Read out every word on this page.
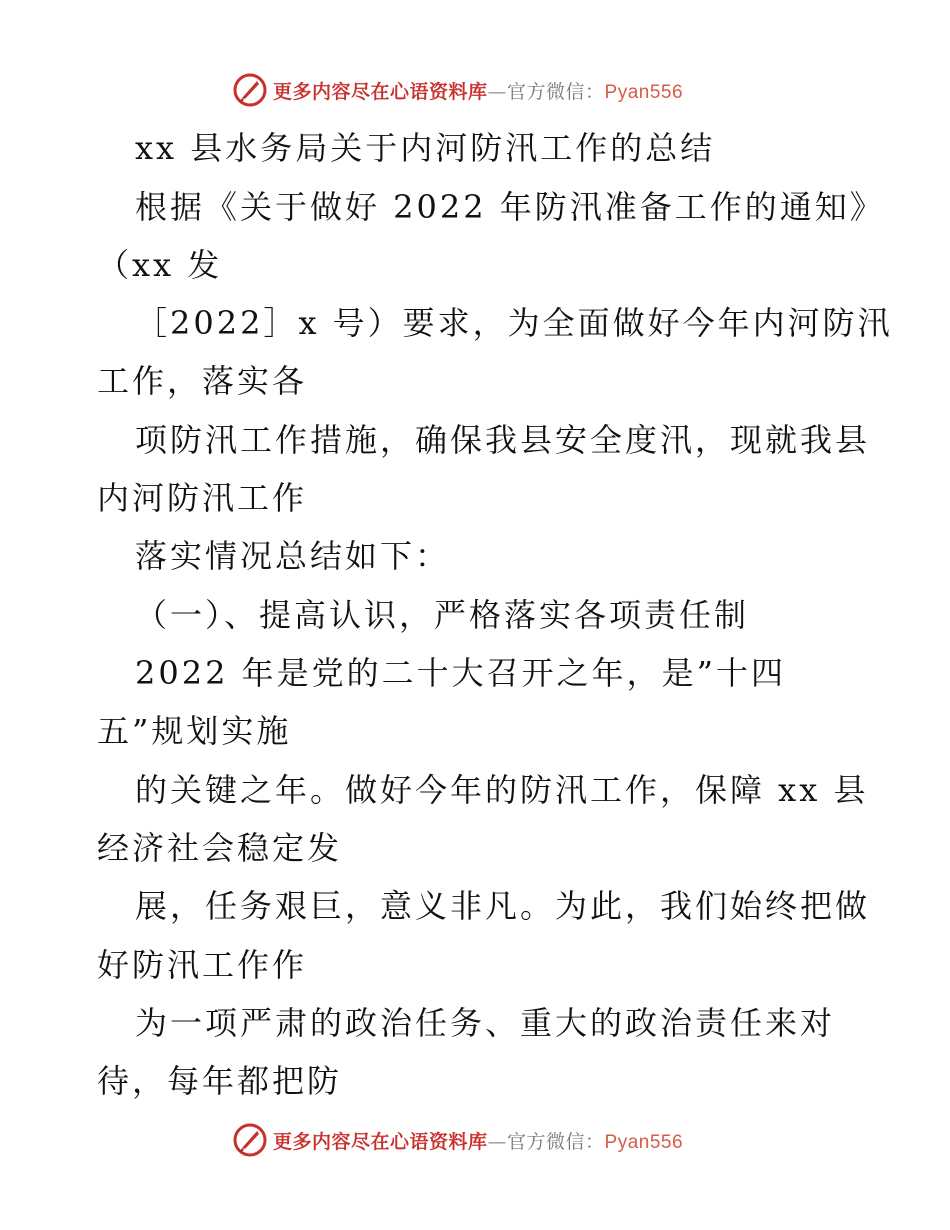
更多内容尽在心语资料库—官方微信：Pyan556
xx 县水务局关于内河防汛工作的总结
根据《关于做好 2022 年防汛准备工作的通知》
（xx 发
［2022］x 号）要求，为全面做好今年内河防汛
工作，落实各
项防汛工作措施，确保我县安全度汛，现就我县
内河防汛工作
落实情况总结如下：
（一）、提高认识，严格落实各项责任制
2022 年是党的二十大召开之年，是”十四
五”规划实施
的关键之年。做好今年的防汛工作，保障 xx 县
经济社会稳定发
展，任务艰巨，意义非凡。为此，我们始终把做
好防汛工作作
为一项严肃的政治任务、重大的政治责任来对
待，每年都把防
更多内容尽在心语资料库—官方微信：Pyan556
